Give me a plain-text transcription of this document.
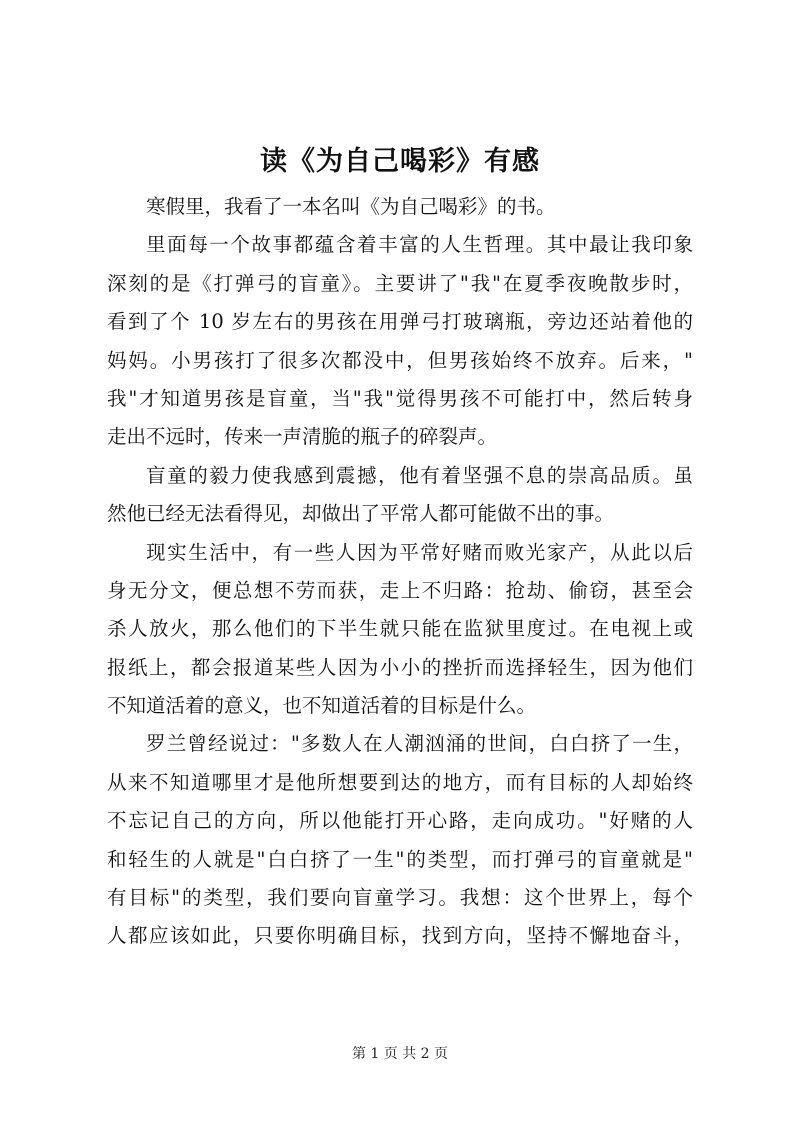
读《为自己喝彩》有感
寒假里，我看了一本名叫《为自己喝彩》的书。
里面每一个故事都蕴含着丰富的人生哲理。其中最让我印象
深刻的是《打弹弓的盲童》。主要讲了"我"在夏季夜晚散步时，
看到了个 10 岁左右的男孩在用弹弓打玻璃瓶，旁边还站着他的
妈妈。小男孩打了很多次都没中，但男孩始终不放弃。后来，"
我"才知道男孩是盲童，当"我"觉得男孩不可能打中，然后转身
走出不远时，传来一声清脆的瓶子的碎裂声。
盲童的毅力使我感到震撼，他有着坚强不息的崇高品质。虽
然他已经无法看得见，却做出了平常人都可能做不出的事。
现实生活中，有一些人因为平常好赌而败光家产，从此以后
身无分文，便总想不劳而获，走上不归路：抢劫、偷窃，甚至会
杀人放火，那么他们的下半生就只能在监狱里度过。在电视上或
报纸上，都会报道某些人因为小小的挫折而选择轻生，因为他们
不知道活着的意义，也不知道活着的目标是什么。
罗兰曾经说过："多数人在人潮汹涌的世间，白白挤了一生，
从来不知道哪里才是他所想要到达的地方，而有目标的人却始终
不忘记自己的方向，所以他能打开心路，走向成功。"好赌的人
和轻生的人就是"白白挤了一生"的类型，而打弹弓的盲童就是"
有目标"的类型，我们要向盲童学习。我想：这个世界上，每个
人都应该如此，只要你明确目标，找到方向，坚持不懈地奋斗，
第 1 页 共 2 页
